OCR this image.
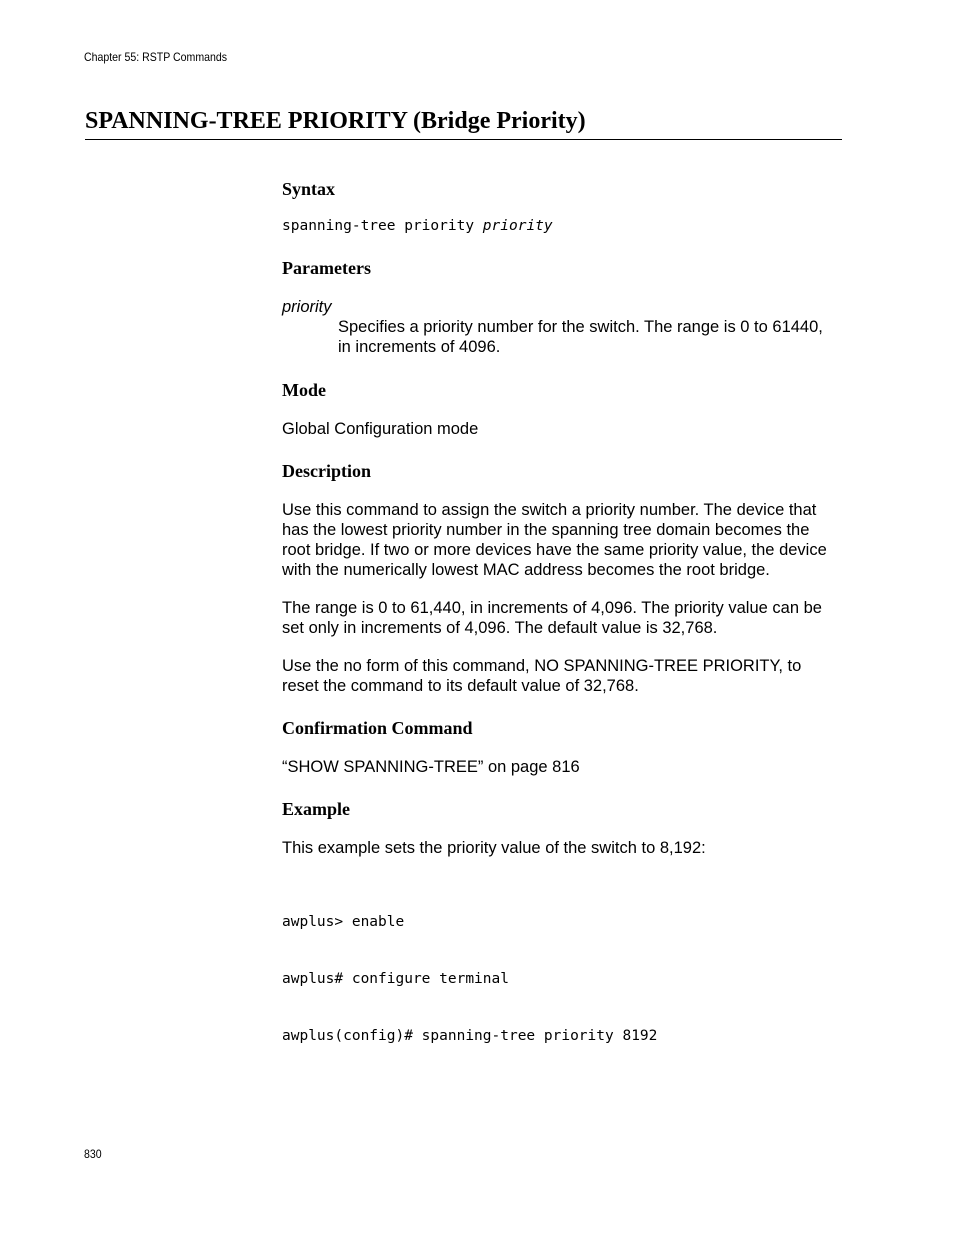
Chapter 55: RSTP Commands
SPANNING-TREE PRIORITY (Bridge Priority)
Syntax
spanning-tree priority priority
Parameters
priority
Specifies a priority number for the switch. The range is 0 to 61440,
in increments of 4096.
Mode

Global Configuration mode

Description

Use this command to assign the switch a priority number. The device that
has the lowest priority number in the spanning tree domain becomes the
root bridge. If two or more devices have the same priority value, the device
with the numerically lowest MAC address becomes the root bridge.

The range is 0 to 61,440, in increments of 4,096. The priority value can be
set only in increments of 4,096. The default value is 32,768.

Use the no form of this command, NO SPANNING-TREE PRIORITY, to
reset the command to its default value of 32,768.

Confirmation Command

“SHOW SPANNING-TREE” on page 816

Example

This example sets the priority value of the switch to 8,192:

awplus> enable

awplus# configure terminal

awplus(config)# spanning-tree priority 8192

830
